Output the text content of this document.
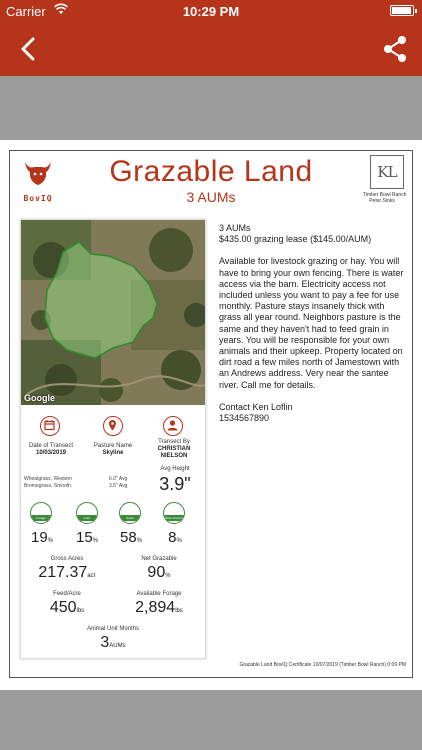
Carrier	10:29 PM
BovIQ
Grazable Land
3 AUMs
KL
Timber Bowl Ranch
Peter Sinks
Google
Date of Transect
10/03/2019
Pasture Name
Skyline
Transect By
CHRISTIAN
NIELSON
Wheatgrass, Western
Bromegrass, Smooth
6.0" Avg
3.5" Avg
Avg Height
3.9"
Forage	Litter	Grass	Bare Ground
19%	15%	58%	8%
Gross Acres
217.37acr
Net Grazable
90%
Feed/Acre
450lbs
Available Forage
2,894lbs
Animal Unit Months
3AUMs
3 AUMs
$435.00 grazing lease ($145.00/AUM)

Available for livestock grazing or hay. You will have to bring your own fencing. There is water access via the barn. Electricity access not included unless you want to pay a fee for use monthly. Pasture stays insanely thick with grass all year round. Neighbors pasture is the same and they haven't had to feed grain in years. You will be responsible for your own animals and their upkeep. Property located on dirt road a few miles north of Jamestown with an Andrews address. Very near the santee river. Call me for details.

Contact Ken Loflin
1534567890
Grazable Land BovIQ Certificate 10/07/2019 (Timber Bowl Ranch) 0:09 PM
